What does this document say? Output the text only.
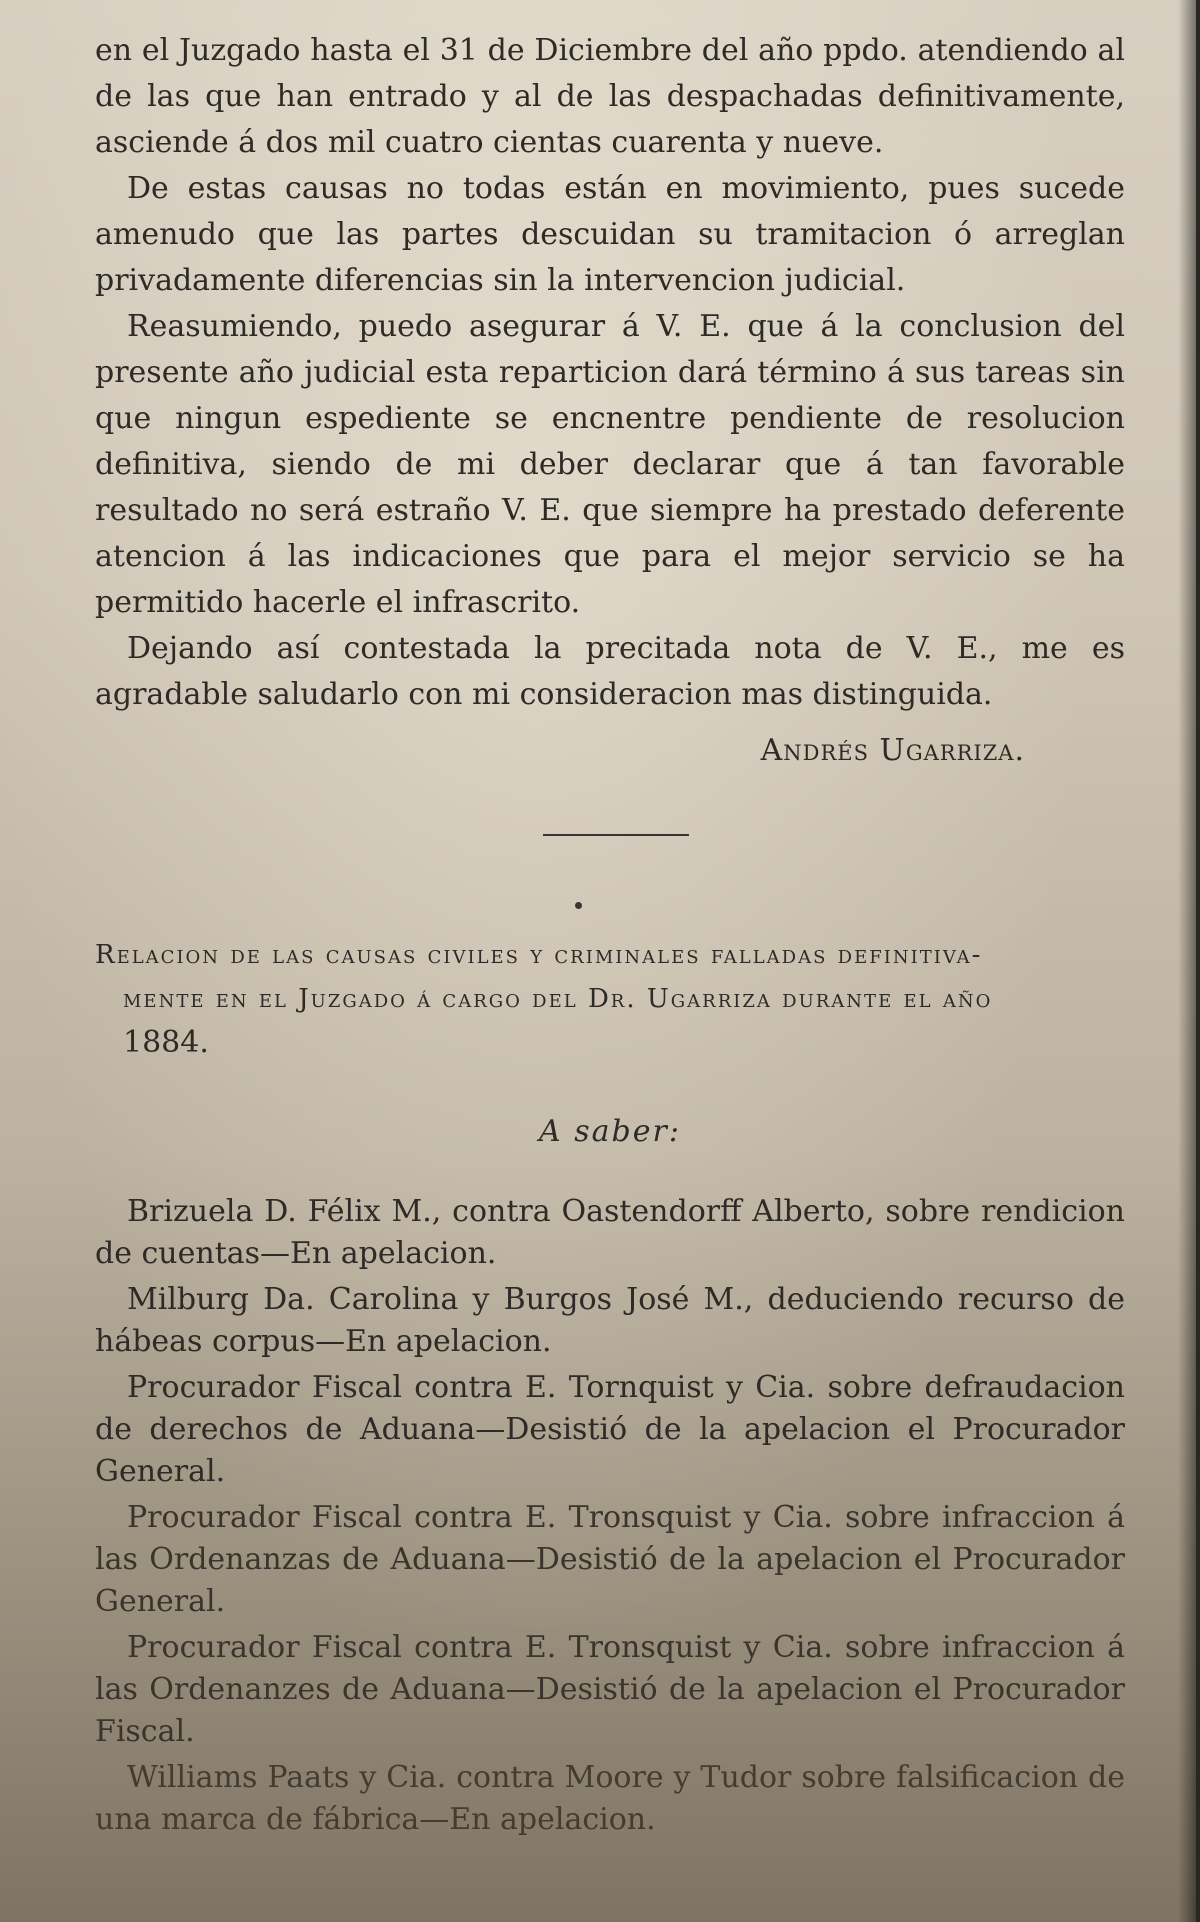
en el Juzgado hasta el 31 de Diciembre del año ppdo. atendiendo al de las que han entrado y al de las despachadas definitivamente, asciende á dos mil cuatro cientas cuarenta y nueve.

De estas causas no todas están en movimiento, pues sucede amenudo que las partes descuidan su tramitacion ó arreglan privadamente diferencias sin la intervencion judicial.

Reasumiendo, puedo asegurar á V. E. que á la conclusion del presente año judicial esta reparticion dará término á sus tareas sin que ningun espediente se encnentre pendiente de resolucion definitiva, siendo de mi deber declarar que á tan favorable resultado no será estraño V. E. que siempre ha prestado deferente atencion á las indicaciones que para el mejor servicio se ha permitido hacerle el infrascrito.

Dejando así contestada la precitada nota de V. E., me es agradable saludarlo con mi consideracion mas distinguida.

Andrés Ugarriza.
Relacion de las causas civiles y criminales falladas definitiva-
mente en el Juzgado á cargo del Dr. Ugarriza durante el año
1884.
A saber:

Brizuela D. Félix M., contra Oastendorff Alberto, sobre rendicion de cuentas—En apelacion.

Milburg Da. Carolina y Burgos José M., deduciendo recurso de hábeas corpus—En apelacion.

Procurador Fiscal contra E. Tornquist y Cia. sobre defraudacion de derechos de Aduana—Desistió de la apelacion el Procurador General.

Procurador Fiscal contra E. Tronsquist y Cia. sobre infraccion á las Ordenanzas de Aduana—Desistió de la apelacion el Procurador General.

Procurador Fiscal contra E. Tronsquist y Cia. sobre infraccion á las Ordenanzes de Aduana—Desistió de la apelacion el Procurador Fiscal.

Williams Paats y Cia. contra Moore y Tudor sobre falsificacion de una marca de fábrica—En apelacion.
